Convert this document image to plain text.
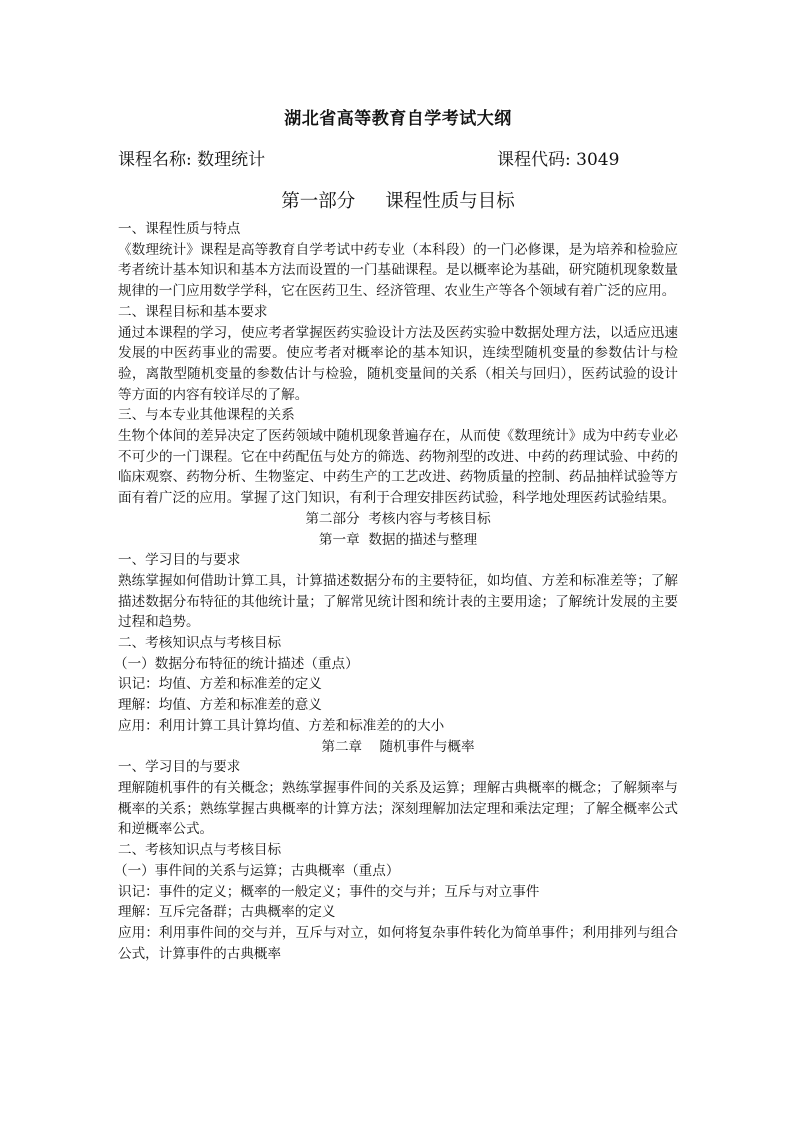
湖北省高等教育自学考试大纲
课程名称: 数理统计	课程代码: 3049
第一部分 课程性质与目标

一、课程性质与特点

《数理统计》课程是高等教育自学考试中药专业（本科段）的一门必修课，是为培养和检验应考者统计基本知识和基本方法而设置的一门基础课程。是以概率论为基础，研究随机现象数量规律的一门应用数学学科，它在医药卫生、经济管理、农业生产等各个领域有着广泛的应用。

二、课程目标和基本要求

通过本课程的学习，使应考者掌握医药实验设计方法及医药实验中数据处理方法，以适应迅速发展的中医药事业的需要。使应考者对概率论的基本知识，连续型随机变量的参数估计与检验，离散型随机变量的参数估计与检验，随机变量间的关系（相关与回归），医药试验的设计等方面的内容有较详尽的了解。

三、与本专业其他课程的关系

生物个体间的差异决定了医药领域中随机现象普遍存在，从而使《数理统计》成为中药专业必不可少的一门课程。它在中药配伍与处方的筛选、药物剂型的改进、中药的药理试验、中药的临床观察、药物分析、生物鉴定、中药生产的工艺改进、药物质量的控制、药品抽样试验等方面有着广泛的应用。掌握了这门知识，有利于合理安排医药试验，科学地处理医药试验结果。

第二部分  考核内容与考核目标

第一章  数据的描述与整理

一、学习目的与要求

熟练掌握如何借助计算工具，计算描述数据分布的主要特征，如均值、方差和标准差等；了解描述数据分布特征的其他统计量；了解常见统计图和统计表的主要用途；了解统计发展的主要过程和趋势。

二、考核知识点与考核目标

（一）数据分布特征的统计描述（重点）

识记：均值、方差和标准差的定义

理解：均值、方差和标准差的意义

应用：利用计算工具计算均值、方差和标准差的的大小

第二章    随机事件与概率

一、学习目的与要求

理解随机事件的有关概念；熟练掌握事件间的关系及运算；理解古典概率的概念；了解频率与概率的关系；熟练掌握古典概率的计算方法；深刻理解加法定理和乘法定理；了解全概率公式和逆概率公式。

二、考核知识点与考核目标

（一）事件间的关系与运算；古典概率（重点）

识记：事件的定义；概率的一般定义；事件的交与并；互斥与对立事件

理解：互斥完备群；古典概率的定义

应用：利用事件间的交与并，互斥与对立，如何将复杂事件转化为简单事件；利用排列与组合公式，计算事件的古典概率
